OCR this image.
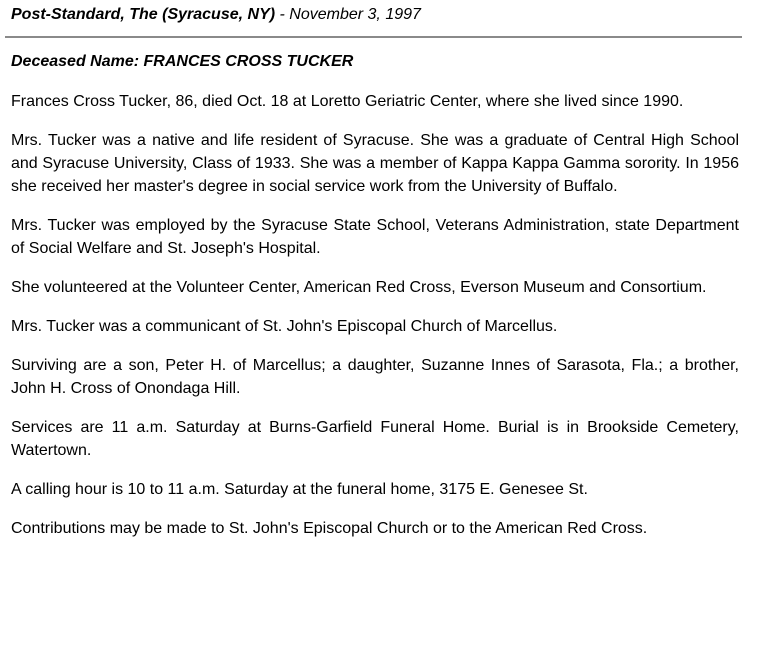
Post-Standard, The (Syracuse, NY) - November 3, 1997
Deceased Name: FRANCES CROSS TUCKER

Frances Cross Tucker, 86, died Oct. 18 at Loretto Geriatric Center, where she lived since 1990.

Mrs. Tucker was a native and life resident of Syracuse. She was a graduate of Central High School and Syracuse University, Class of 1933. She was a member of Kappa Kappa Gamma sorority. In 1956 she received her master's degree in social service work from the University of Buffalo.

Mrs. Tucker was employed by the Syracuse State School, Veterans Administration, state Department of Social Welfare and St. Joseph's Hospital.

She volunteered at the Volunteer Center, American Red Cross, Everson Museum and Consortium.

Mrs. Tucker was a communicant of St. John's Episcopal Church of Marcellus.

Surviving are a son, Peter H. of Marcellus; a daughter, Suzanne Innes of Sarasota, Fla.; a brother, John H. Cross of Onondaga Hill.

Services are 11 a.m. Saturday at Burns-Garfield Funeral Home. Burial is in Brookside Cemetery, Watertown.

A calling hour is 10 to 11 a.m. Saturday at the funeral home, 3175 E. Genesee St.

Contributions may be made to St. John's Episcopal Church or to the American Red Cross.
